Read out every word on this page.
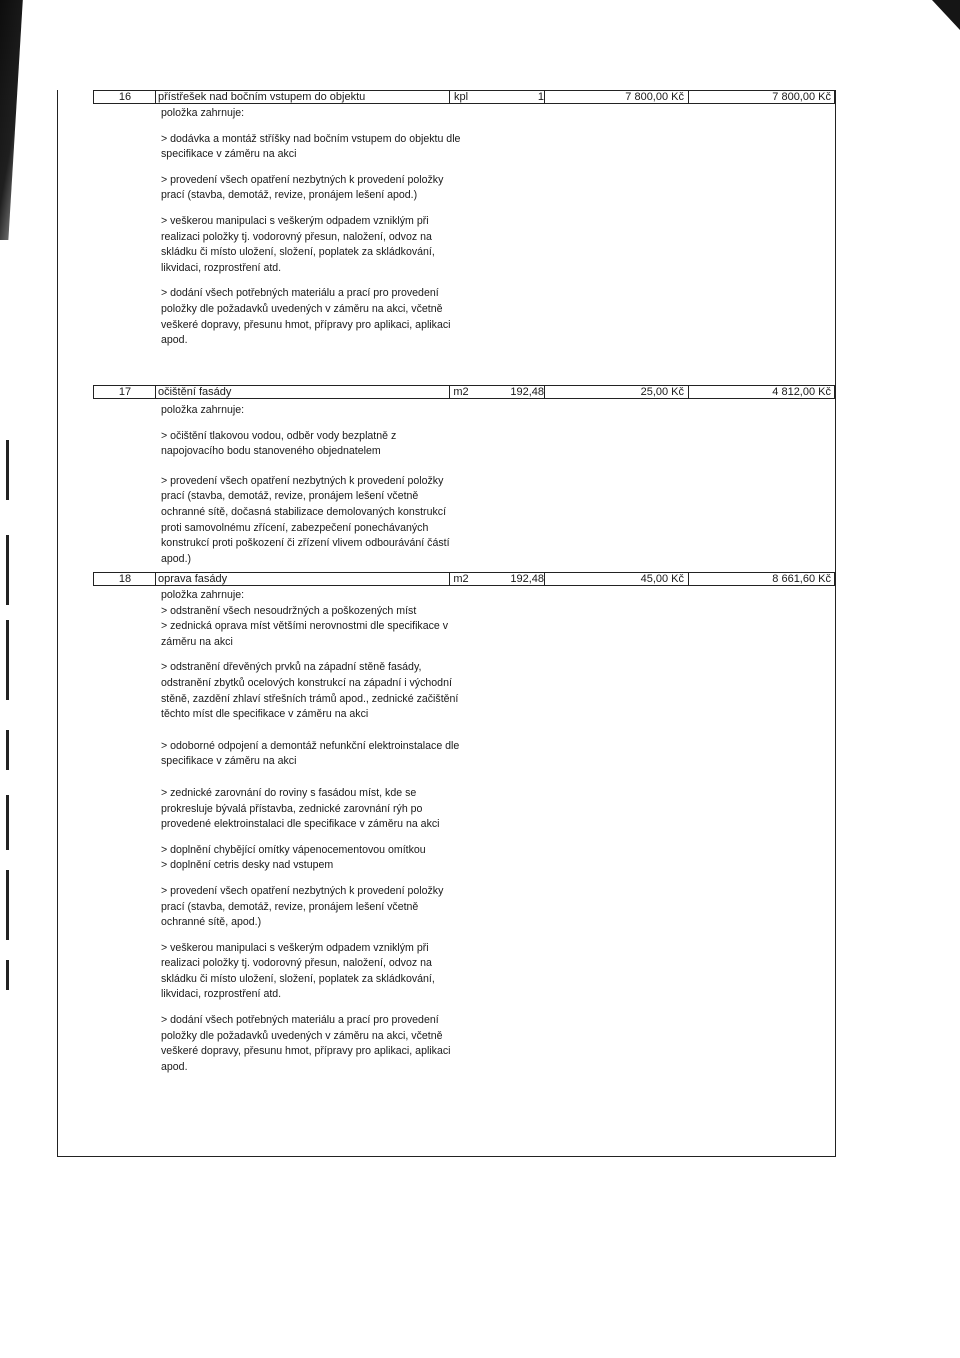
16	přístřešek nad bočním vstupem do objektu	kpl	1	7 800,00 Kč	7 800,00 Kč

položka zahrnuje:

> dodávka a montáž stříšky nad bočním vstupem do objektu dle specifikace v záměru na akci

> provedení všech opatření nezbytných k provedení položky prací (stavba, demotáž, revize, pronájem lešení apod.)

> veškerou manipulaci s veškerým odpadem vzniklým při realizaci položky tj. vodorovný přesun, naložení, odvoz na skládku či místo uložení, složení, poplatek za skládkování, likvidaci, rozprostření atd.

> dodání všech potřebných materiálu a prací pro provedení položky dle požadavků uvedených v záměru na akci, včetně veškeré dopravy, přesunu hmot, přípravy pro aplikaci, aplikaci apod.

17	očištění fasády	m2	192,48	25,00 Kč	4 812,00 Kč

položka zahrnuje:

> očištění tlakovou vodou, odběr vody bezplatně z napojovacího bodu stanoveného objednatelem

> provedení všech opatření nezbytných k provedení položky prací (stavba, demotáž, revize, pronájem lešení včetně ochranné sítě, dočasná stabilizace demolovaných konstrukcí proti samovolnému zřícení, zabezpečení ponechávaných konstrukcí proti poškození či zřízení vlivem odbourávání částí apod.)

18	oprava fasády	m2	192,48	45,00 Kč	8 661,60 Kč

položka zahrnuje:

> odstranění všech nesoudržných a poškozených míst

> zednická oprava míst většími nerovnostmi dle specifikace v záměru na akci

> odstranění dřevěných prvků na západní stěně fasády, odstranění zbytků ocelových konstrukcí na západní i východní stěně, zazdění zhlaví střešních trámů apod., zednické začištění těchto míst dle specifikace v záměru na akci

> odoborné odpojení a demontáž nefunkční elektroinstalace dle specifikace v záměru na akci

> zednické zarovnání do roviny s fasádou míst, kde se prokresluje bývalá přístavba, zednické zarovnání rýh po provedené elektroinstalaci dle specifikace v záměru na akci

> doplnění chybějící omítky vápenocementovou omítkou

> doplnění cetris desky nad vstupem

> provedení všech opatření nezbytných k provedení položky prací (stavba, demotáž, revize, pronájem lešení včetně ochranné sítě, apod.)

> veškerou manipulaci s veškerým odpadem vzniklým při realizaci položky tj. vodorovný přesun, naložení, odvoz na skládku či místo uložení, složení, poplatek za skládkování, likvidaci, rozprostření atd.

> dodání všech potřebných materiálu a prací pro provedení položky dle požadavků uvedených v záměru na akci, včetně veškeré dopravy, přesunu hmot, přípravy pro aplikaci, aplikaci apod.
